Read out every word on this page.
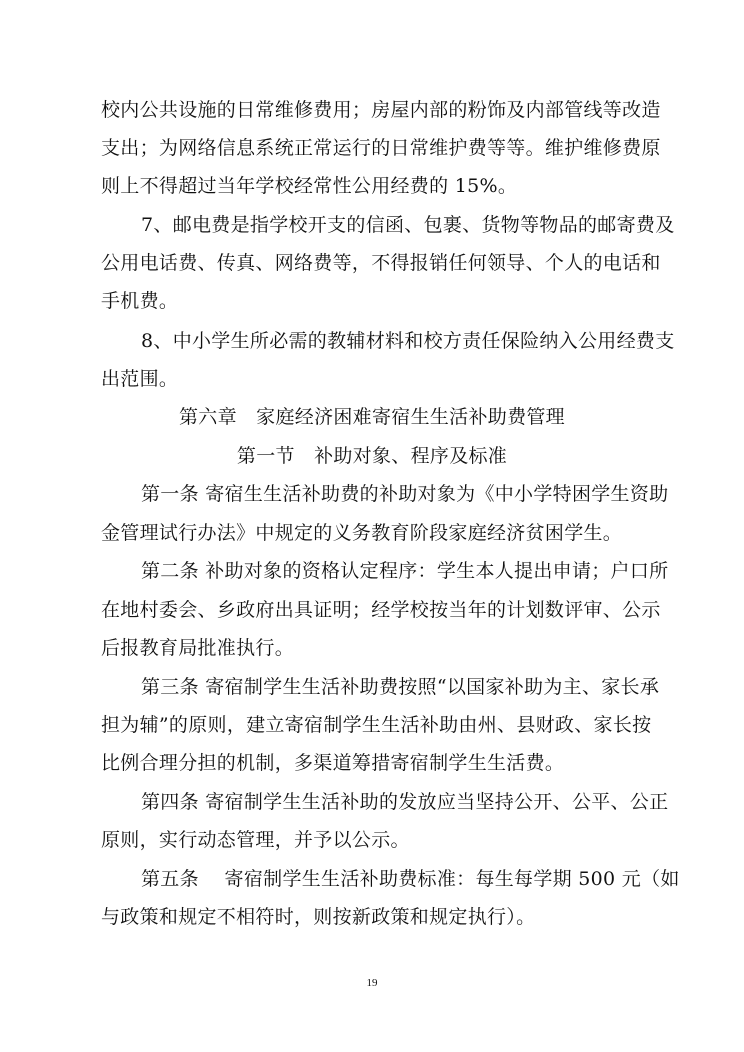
校内公共设施的日常维修费用；房屋内部的粉饰及内部管线等改造
支出；为网络信息系统正常运行的日常维护费等等。维护维修费原
则上不得超过当年学校经常性公用经费的 15%。
7、邮电费是指学校开支的信函、包裹、货物等物品的邮寄费及
公用电话费、传真、网络费等，不得报销任何领导、个人的电话和
手机费。
8、中小学生所必需的教辅材料和校方责任保险纳入公用经费支
出范围。
第六章　家庭经济困难寄宿生生活补助费管理
第一节　补助对象、程序及标准
第一条 寄宿生生活补助费的补助对象为《中小学特困学生资助
金管理试行办法》中规定的义务教育阶段家庭经济贫困学生。
第二条 补助对象的资格认定程序：学生本人提出申请；户口所
在地村委会、乡政府出具证明；经学校按当年的计划数评审、公示
后报教育局批准执行。
第三条 寄宿制学生生活补助费按照“以国家补助为主、家长承
担为辅”的原则，建立寄宿制学生生活补助由州、县财政、家长按
比例合理分担的机制，多渠道筹措寄宿制学生生活费。
第四条 寄宿制学生生活补助的发放应当坚持公开、公平、公正
原则，实行动态管理，并予以公示。
第五条　 寄宿制学生生活补助费标准：每生每学期 500 元（如
与政策和规定不相符时，则按新政策和规定执行）。
19
